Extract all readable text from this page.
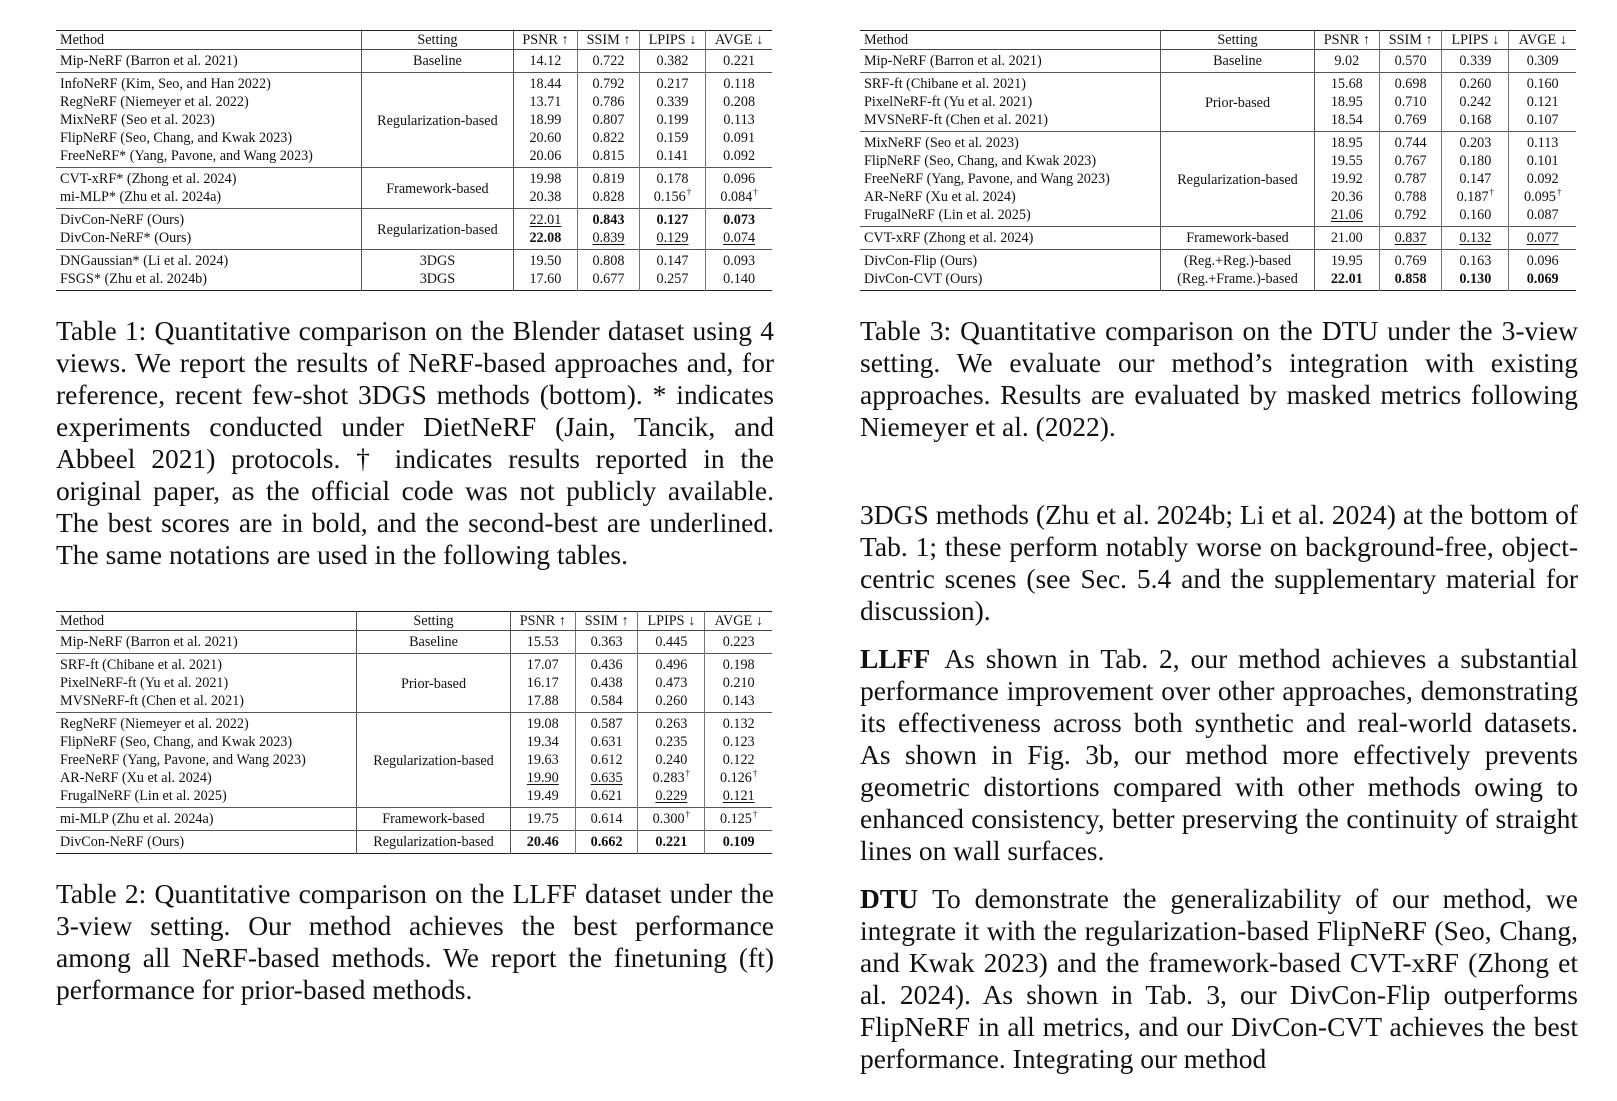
Method	Setting	PSNR ↑	SSIM ↑	LPIPS ↓	AVGE ↓
Mip-NeRF (Barron et al. 2021)	Baseline	14.12	0.722	0.382	0.221
InfoNeRF (Kim, Seo, and Han 2022)	Regularization-based	18.44	0.792	0.217	0.118
RegNeRF (Niemeyer et al. 2022)		13.71	0.786	0.339	0.208
MixNeRF (Seo et al. 2023)		18.99	0.807	0.199	0.113
FlipNeRF (Seo, Chang, and Kwak 2023)		20.60	0.822	0.159	0.091
FreeNeRF* (Yang, Pavone, and Wang 2023)		20.06	0.815	0.141	0.092
CVT-xRF* (Zhong et al. 2024)	Framework-based	19.98	0.819	0.178	0.096
mi-MLP* (Zhu et al. 2024a)		20.38	0.828	0.156†	0.084†
DivCon-NeRF (Ours)	Regularization-based	22.01	0.843	0.127	0.073
DivCon-NeRF* (Ours)		22.08	0.839	0.129	0.074
DNGaussian* (Li et al. 2024)	3DGS	19.50	0.808	0.147	0.093
FSGS* (Zhu et al. 2024b)	3DGS	17.60	0.677	0.257	0.140

Table 1: Quantitative comparison on the Blender dataset using 4 views. We report the results of NeRF-based approaches and, for reference, recent few-shot 3DGS methods (bottom). * indicates experiments conducted under DietNeRF (Jain, Tancik, and Abbeel 2021) protocols. † indicates results reported in the original paper, as the official code was not publicly available. The best scores are in bold, and the second-best are underlined. The same notations are used in the following tables.

Method	Setting	PSNR ↑	SSIM ↑	LPIPS ↓	AVGE ↓
Mip-NeRF (Barron et al. 2021)	Baseline	15.53	0.363	0.445	0.223
SRF-ft (Chibane et al. 2021)	Prior-based	17.07	0.436	0.496	0.198
PixelNeRF-ft (Yu et al. 2021)		16.17	0.438	0.473	0.210
MVSNeRF-ft (Chen et al. 2021)		17.88	0.584	0.260	0.143
RegNeRF (Niemeyer et al. 2022)	Regularization-based	19.08	0.587	0.263	0.132
FlipNeRF (Seo, Chang, and Kwak 2023)		19.34	0.631	0.235	0.123
FreeNeRF (Yang, Pavone, and Wang 2023)		19.63	0.612	0.240	0.122
AR-NeRF (Xu et al. 2024)		19.90	0.635	0.283†	0.126†
FrugalNeRF (Lin et al. 2025)		19.49	0.621	0.229	0.121
mi-MLP (Zhu et al. 2024a)	Framework-based	19.75	0.614	0.300†	0.125†
DivCon-NeRF (Ours)	Regularization-based	20.46	0.662	0.221	0.109

Table 2: Quantitative comparison on the LLFF dataset under the 3-view setting. Our method achieves the best performance among all NeRF-based methods. We report the finetuning (ft) performance for prior-based methods.

Method	Setting	PSNR ↑	SSIM ↑	LPIPS ↓	AVGE ↓
Mip-NeRF (Barron et al. 2021)	Baseline	9.02	0.570	0.339	0.309
SRF-ft (Chibane et al. 2021)	Prior-based	15.68	0.698	0.260	0.160
PixelNeRF-ft (Yu et al. 2021)		18.95	0.710	0.242	0.121
MVSNeRF-ft (Chen et al. 2021)		18.54	0.769	0.168	0.107
MixNeRF (Seo et al. 2023)	Regularization-based	18.95	0.744	0.203	0.113
FlipNeRF (Seo, Chang, and Kwak 2023)		19.55	0.767	0.180	0.101
FreeNeRF (Yang, Pavone, and Wang 2023)		19.92	0.787	0.147	0.092
AR-NeRF (Xu et al. 2024)		20.36	0.788	0.187†	0.095†
FrugalNeRF (Lin et al. 2025)		21.06	0.792	0.160	0.087
CVT-xRF (Zhong et al. 2024)	Framework-based	21.00	0.837	0.132	0.077
DivCon-Flip (Ours)	(Reg.+Reg.)-based	19.95	0.769	0.163	0.096
DivCon-CVT (Ours)	(Reg.+Frame.)-based	22.01	0.858	0.130	0.069

Table 3: Quantitative comparison on the DTU under the 3-view setting. We evaluate our method’s integration with existing approaches. Results are evaluated by masked metrics following Niemeyer et al. (2022).

3DGS methods (Zhu et al. 2024b; Li et al. 2024) at the bottom of Tab. 1; these perform notably worse on background-free, object-centric scenes (see Sec. 5.4 and the supplementary material for discussion).

LLFF As shown in Tab. 2, our method achieves a substantial performance improvement over other approaches, demonstrating its effectiveness across both synthetic and real-world datasets. As shown in Fig. 3b, our method more effectively prevents geometric distortions compared with other methods owing to enhanced consistency, better preserving the continuity of straight lines on wall surfaces.

DTU To demonstrate the generalizability of our method, we integrate it with the regularization-based FlipNeRF (Seo, Chang, and Kwak 2023) and the framework-based CVT-xRF (Zhong et al. 2024). As shown in Tab. 3, our DivCon-Flip outperforms FlipNeRF in all metrics, and our DivCon-CVT achieves the best performance. Integrating our method
